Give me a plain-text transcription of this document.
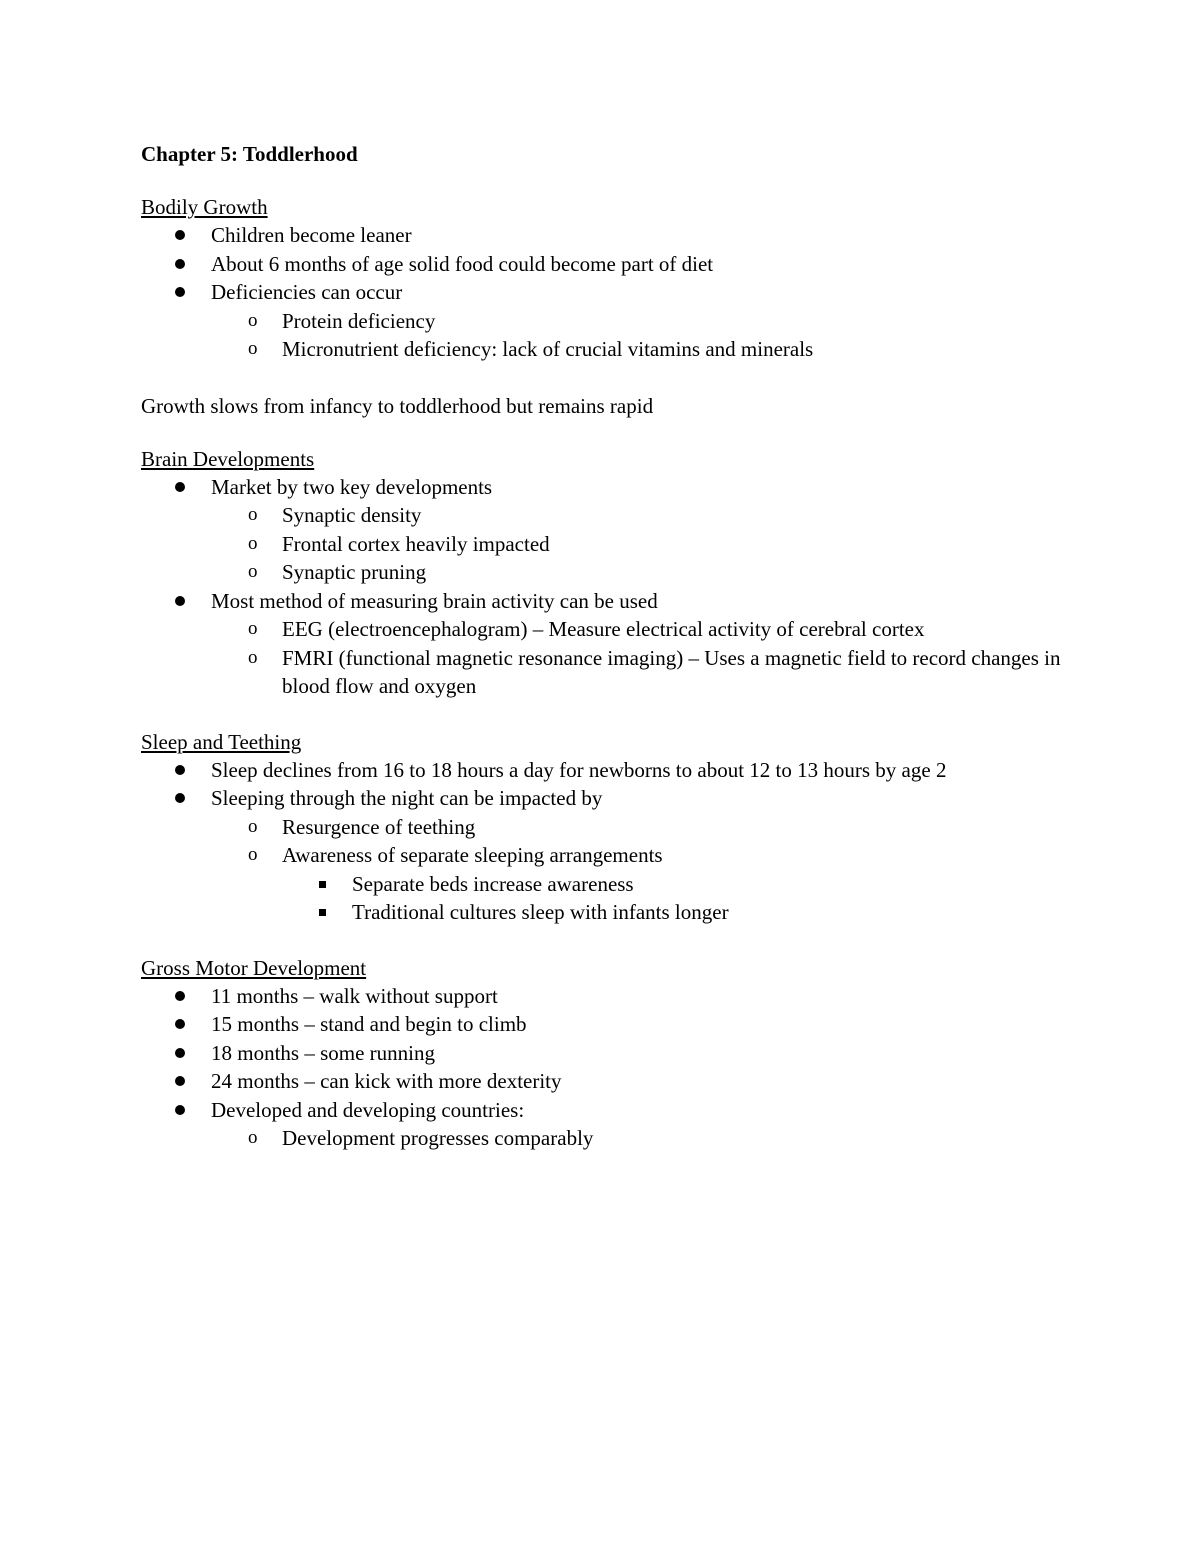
Chapter 5: Toddlerhood

Bodily Growth

Children become leaner
About 6 months of age solid food could become part of diet
Deficiencies can occur
o Protein deficiency
o Micronutrient deficiency: lack of crucial vitamins and minerals

Growth slows from infancy to toddlerhood but remains rapid

Brain Developments

Market by two key developments
o Synaptic density
o Frontal cortex heavily impacted
o Synaptic pruning
Most method of measuring brain activity can be used
o EEG (electroencephalogram) – Measure electrical activity of cerebral cortex
o FMRI (functional magnetic resonance imaging) – Uses a magnetic field to record changes in blood flow and oxygen

Sleep and Teething

Sleep declines from 16 to 18 hours a day for newborns to about 12 to 13 hours by age 2
Sleeping through the night can be impacted by
o Resurgence of teething
o Awareness of separate sleeping arrangements
Separate beds increase awareness
Traditional cultures sleep with infants longer

Gross Motor Development

11 months – walk without support
15 months – stand and begin to climb
18 months – some running
24 months – can kick with more dexterity
Developed and developing countries:
o Development progresses comparably
